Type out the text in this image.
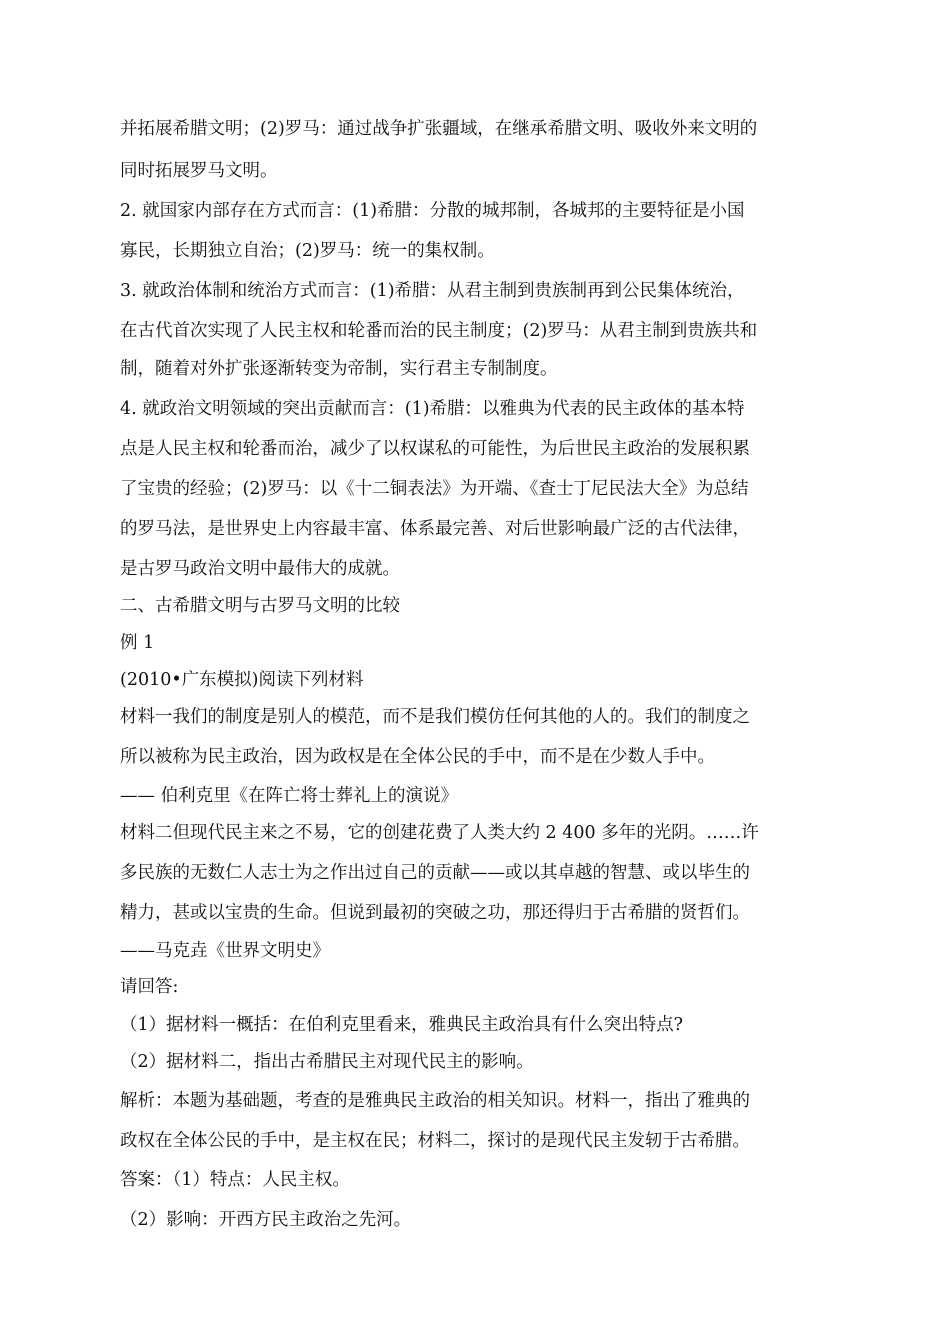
并拓展希腊文明；(2)罗马：通过战争扩张疆域，在继承希腊文明、吸收外来文明的
同时拓展罗马文明。
2. 就国家内部存在方式而言：(1)希腊：分散的城邦制，各城邦的主要特征是小国
寡民，长期独立自治；(2)罗马：统一的集权制。
3. 就政治体制和统治方式而言：(1)希腊：从君主制到贵族制再到公民集体统治，
在古代首次实现了人民主权和轮番而治的民主制度；(2)罗马：从君主制到贵族共和
制，随着对外扩张逐渐转变为帝制，实行君主专制制度。
4. 就政治文明领域的突出贡献而言：(1)希腊：以雅典为代表的民主政体的基本特
点是人民主权和轮番而治，减少了以权谋私的可能性，为后世民主政治的发展积累
了宝贵的经验；(2)罗马：以《十二铜表法》为开端、《查士丁尼民法大全》为总结
的罗马法，是世界史上内容最丰富、体系最完善、对后世影响最广泛的古代法律，
是古罗马政治文明中最伟大的成就。
二、古希腊文明与古罗马文明的比较
例 1
(2010•广东模拟)阅读下列材料
材料一我们的制度是别人的模范，而不是我们模仿任何其他的人的。我们的制度之
所以被称为民主政治，因为政权是在全体公民的手中，而不是在少数人手中。
—— 伯利克里《在阵亡将士葬礼上的演说》
材料二但现代民主来之不易，它的创建花费了人类大约 2 400 多年的光阴。……许
多民族的无数仁人志士为之作出过自己的贡献——或以其卓越的智慧、或以毕生的
精力，甚或以宝贵的生命。但说到最初的突破之功，那还得归于古希腊的贤哲们。
——马克垚《世界文明史》
请回答:
（1）据材料一概括：在伯利克里看来，雅典民主政治具有什么突出特点?
（2）据材料二，指出古希腊民主对现代民主的影响。
解析：本题为基础题，考查的是雅典民主政治的相关知识。材料一，指出了雅典的
政权在全体公民的手中，是主权在民；材料二，探讨的是现代民主发轫于古希腊。
答案：（1）特点：人民主权。
（2）影响：开西方民主政治之先河。
